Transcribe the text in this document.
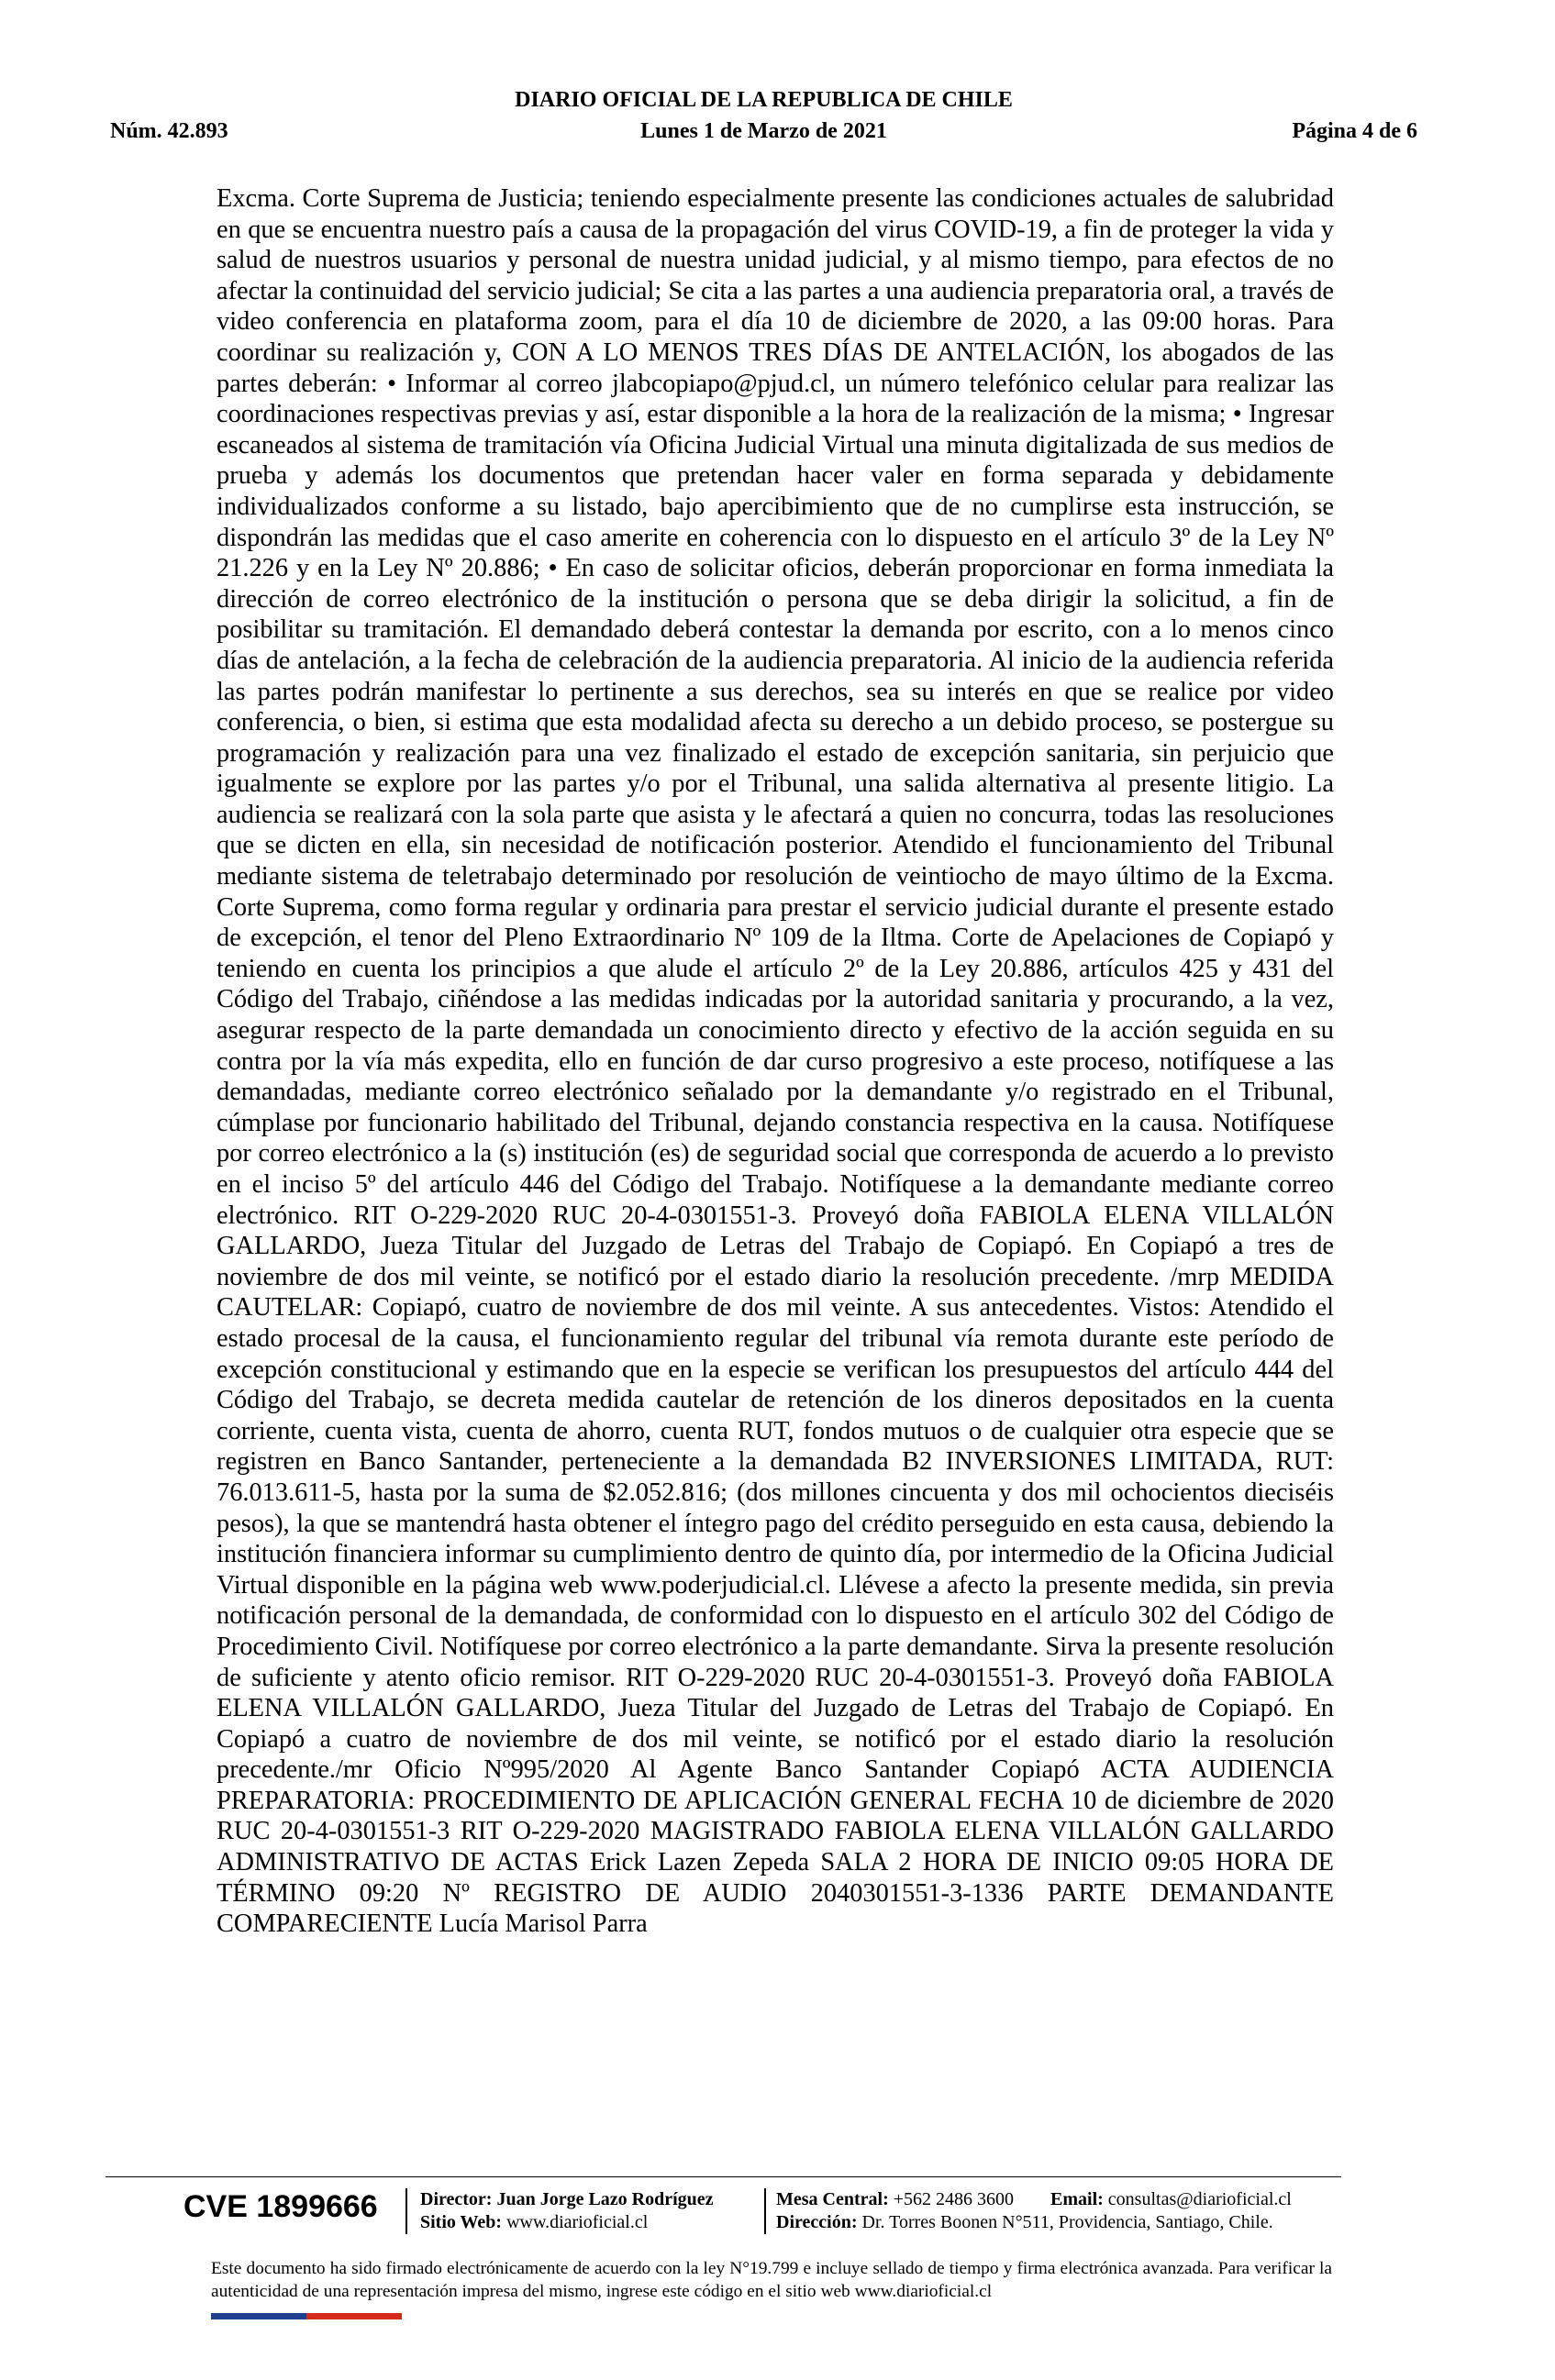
DIARIO OFICIAL DE LA REPUBLICA DE CHILE
Núm. 42.893	Lunes 1 de Marzo de 2021	Página 4 de 6
Excma. Corte Suprema de Justicia; teniendo especialmente presente las condiciones actuales de salubridad en que se encuentra nuestro país a causa de la propagación del virus COVID-19, a fin de proteger la vida y salud de nuestros usuarios y personal de nuestra unidad judicial, y al mismo tiempo, para efectos de no afectar la continuidad del servicio judicial; Se cita a las partes a una audiencia preparatoria oral, a través de video conferencia en plataforma zoom, para el día 10 de diciembre de 2020, a las 09:00 horas. Para coordinar su realización y, CON A LO MENOS TRES DÍAS DE ANTELACIÓN, los abogados de las partes deberán: • Informar al correo jlabcopiapo@pjud.cl, un número telefónico celular para realizar las coordinaciones respectivas previas y así, estar disponible a la hora de la realización de la misma; • Ingresar escaneados al sistema de tramitación vía Oficina Judicial Virtual una minuta digitalizada de sus medios de prueba y además los documentos que pretendan hacer valer en forma separada y debidamente individualizados conforme a su listado, bajo apercibimiento que de no cumplirse esta instrucción, se dispondrán las medidas que el caso amerite en coherencia con lo dispuesto en el artículo 3º de la Ley Nº 21.226 y en la Ley Nº 20.886; • En caso de solicitar oficios, deberán proporcionar en forma inmediata la dirección de correo electrónico de la institución o persona que se deba dirigir la solicitud, a fin de posibilitar su tramitación. El demandado deberá contestar la demanda por escrito, con a lo menos cinco días de antelación, a la fecha de celebración de la audiencia preparatoria. Al inicio de la audiencia referida las partes podrán manifestar lo pertinente a sus derechos, sea su interés en que se realice por video conferencia, o bien, si estima que esta modalidad afecta su derecho a un debido proceso, se postergue su programación y realización para una vez finalizado el estado de excepción sanitaria, sin perjuicio que igualmente se explore por las partes y/o por el Tribunal, una salida alternativa al presente litigio. La audiencia se realizará con la sola parte que asista y le afectará a quien no concurra, todas las resoluciones que se dicten en ella, sin necesidad de notificación posterior. Atendido el funcionamiento del Tribunal mediante sistema de teletrabajo determinado por resolución de veintiocho de mayo último de la Excma. Corte Suprema, como forma regular y ordinaria para prestar el servicio judicial durante el presente estado de excepción, el tenor del Pleno Extraordinario Nº 109 de la Iltma. Corte de Apelaciones de Copiapó y teniendo en cuenta los principios a que alude el artículo 2º de la Ley 20.886, artículos 425 y 431 del Código del Trabajo, ciñéndose a las medidas indicadas por la autoridad sanitaria y procurando, a la vez, asegurar respecto de la parte demandada un conocimiento directo y efectivo de la acción seguida en su contra por la vía más expedita, ello en función de dar curso progresivo a este proceso, notifíquese a las demandadas, mediante correo electrónico señalado por la demandante y/o registrado en el Tribunal, cúmplase por funcionario habilitado del Tribunal, dejando constancia respectiva en la causa. Notifíquese por correo electrónico a la (s) institución (es) de seguridad social que corresponda de acuerdo a lo previsto en el inciso 5º del artículo 446 del Código del Trabajo. Notifíquese a la demandante mediante correo electrónico. RIT O-229-2020 RUC 20-4-0301551-3. Proveyó doña FABIOLA ELENA VILLALÓN GALLARDO, Jueza Titular del Juzgado de Letras del Trabajo de Copiapó. En Copiapó a tres de noviembre de dos mil veinte, se notificó por el estado diario la resolución precedente. /mrp MEDIDA CAUTELAR: Copiapó, cuatro de noviembre de dos mil veinte. A sus antecedentes. Vistos: Atendido el estado procesal de la causa, el funcionamiento regular del tribunal vía remota durante este período de excepción constitucional y estimando que en la especie se verifican los presupuestos del artículo 444 del Código del Trabajo, se decreta medida cautelar de retención de los dineros depositados en la cuenta corriente, cuenta vista, cuenta de ahorro, cuenta RUT, fondos mutuos o de cualquier otra especie que se registren en Banco Santander, perteneciente a la demandada B2 INVERSIONES LIMITADA, RUT: 76.013.611-5, hasta por la suma de $2.052.816; (dos millones cincuenta y dos mil ochocientos dieciséis pesos), la que se mantendrá hasta obtener el íntegro pago del crédito perseguido en esta causa, debiendo la institución financiera informar su cumplimiento dentro de quinto día, por intermedio de la Oficina Judicial Virtual disponible en la página web www.poderjudicial.cl. Llévese a afecto la presente medida, sin previa notificación personal de la demandada, de conformidad con lo dispuesto en el artículo 302 del Código de Procedimiento Civil. Notifíquese por correo electrónico a la parte demandante. Sirva la presente resolución de suficiente y atento oficio remisor. RIT O-229-2020 RUC 20-4-0301551-3. Proveyó doña FABIOLA ELENA VILLALÓN GALLARDO, Jueza Titular del Juzgado de Letras del Trabajo de Copiapó. En Copiapó a cuatro de noviembre de dos mil veinte, se notificó por el estado diario la resolución precedente./mr Oficio Nº995/2020 Al Agente Banco Santander Copiapó ACTA AUDIENCIA PREPARATORIA: PROCEDIMIENTO DE APLICACIÓN GENERAL FECHA 10 de diciembre de 2020 RUC 20-4-0301551-3 RIT O-229-2020 MAGISTRADO FABIOLA ELENA VILLALÓN GALLARDO ADMINISTRATIVO DE ACTAS Erick Lazen Zepeda SALA 2 HORA DE INICIO 09:05 HORA DE TÉRMINO 09:20 Nº REGISTRO DE AUDIO 2040301551-3-1336 PARTE DEMANDANTE COMPARECIENTE Lucía Marisol Parra
CVE 1899666 Director: Juan Jorge Lazo Rodríguez
Sitio Web: www.diarioficial.cl
Mesa Central: +562 2486 3600 Email: consultas@diarioficial.cl
Dirección: Dr. Torres Boonen N°511, Providencia, Santiago, Chile.
Este documento ha sido firmado electrónicamente de acuerdo con la ley N°19.799 e incluye sellado de tiempo y firma electrónica avanzada. Para verificar la autenticidad de una representación impresa del mismo, ingrese este código en el sitio web www.diarioficial.cl
